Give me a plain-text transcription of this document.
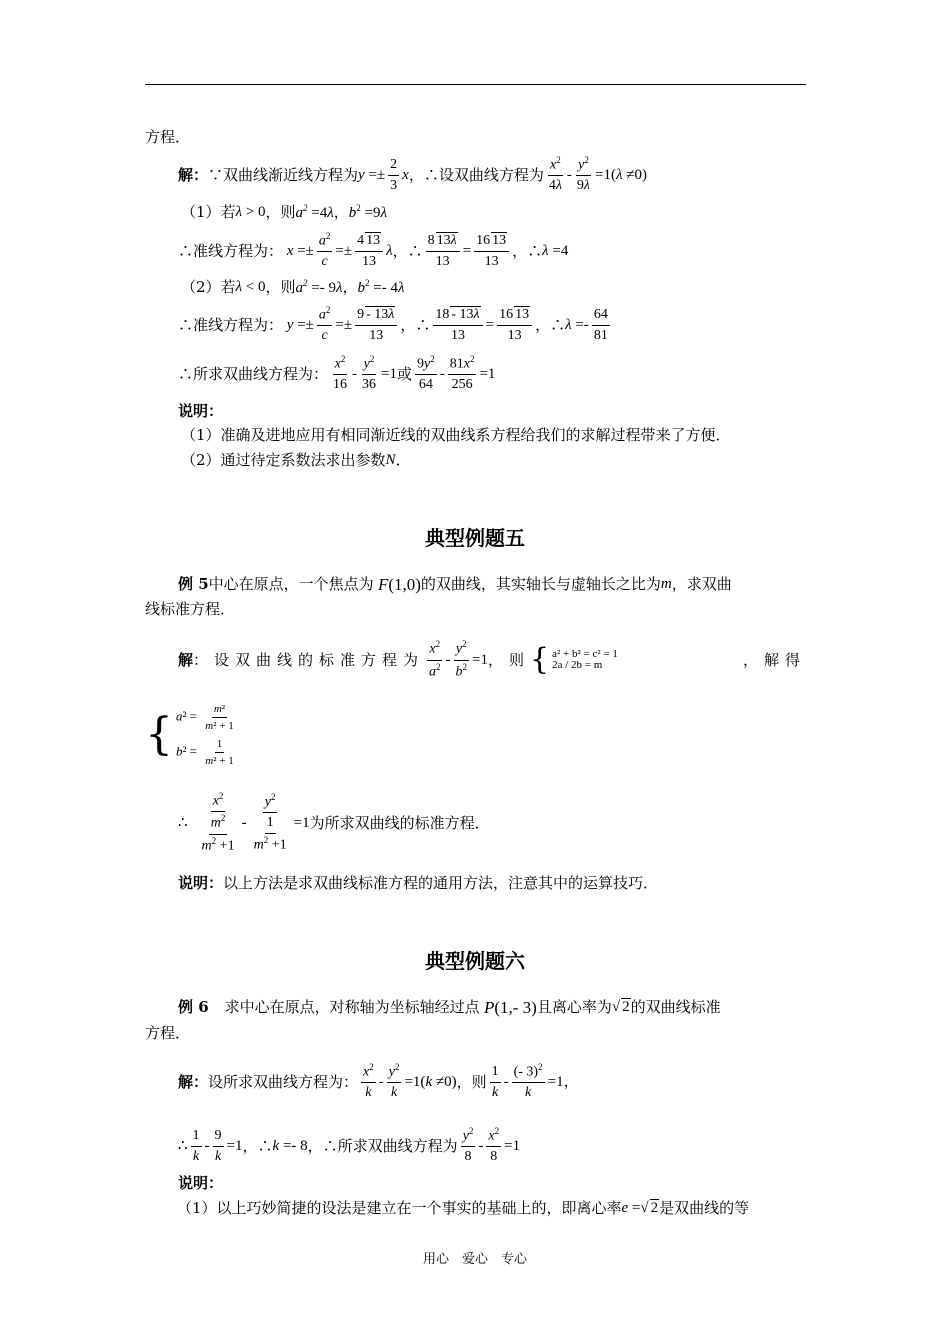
方程．
解： ∵双曲线渐近线方程为 $y =\pm \frac{2}{3}$ x ，∴设双曲线方程为
$x^2$
4λ
- $\frac{y^2}{9\lambda} =1(\lambda \ne 0)$
（1）若 λ > 0 ，则 $a^2 =4\lambda$，$b^2 =9\lambda$
∴准线方程为： $x =\pm \frac{a^2}{c} =\pm \frac{4 13}{13}$ λ ，∴ $\frac{8 13\lambda}{13} = \frac{16 13}{13}$ ，∴ λ =4
（2）若 λ < 0 ，则 $a^2 =- 9\lambda$，$b^2 =- 4\lambda$
∴准线方程为： $y =\pm \frac{a^2}{c} =\pm \frac{9 - 13\lambda}{13}$ ，∴ $\frac{18 - 13\lambda}{13} = \frac{16 13}{13}$ ，∴ λ =-
64
81
∴所求双曲线方程为：
$x^2$
16
- $\frac{y^2}{36} =1$ 或
$9y^2$
64
- $\frac{81x^2}{256} =1$
说明：
（1）准确及进地应用有相同渐近线的双曲线系方程给我们的求解过程带来了方便．
（2）通过待定系数法求出参数 N ．
典型例题五
例 5 中心在原点，一个焦点为 F (1,0) 的双曲线，其实轴长与虚轴长之比为 m ，求双曲
线标准方程．
解 ：设双曲线的标准方程为
$x^2$
$a^2 - \frac{y^2}{b^2} =1$ ，则 { a² + b² = c² = 1
2a / 2b = m	，解得
{ $a^2 = \frac{\text{m²}}{\text{m² + 1}}$
$b^2 = \frac{1}{\text{m² + 1}}$
∴
$x^2$
$\frac{m^2}{m^2 +1} - \frac{y^2}{\frac{1}{m^2 +1}} =1$ 为所求双曲线的标准方程．
说明： 以上方法是求双曲线标准方程的通用方法，注意其中的运算技巧．
典型例题六
例 6 求中心在原点，对称轴为坐标轴经过点 P (1,- 3) 且离心率为 √ 2 的双曲线标准
方程．
解： 设所求双曲线方程为：
$x^2$
k
- $\frac{y^2}{k} =1(k \ne 0)$ ，则
1
k
- $\frac{(- 3)^2}{k} =1$，
∴
1
k
- $\frac{9}{k} =1$ ，∴ k =- 8 ，∴所求双曲线方程为
$y^2$
8
- $\frac{x^2}{8} =1$
说明：
（1）以上巧妙简捷的设法是建立在一个事实的基础上的，即离心率 e =√ 2 是双曲线的等
用心　爱心　专心
